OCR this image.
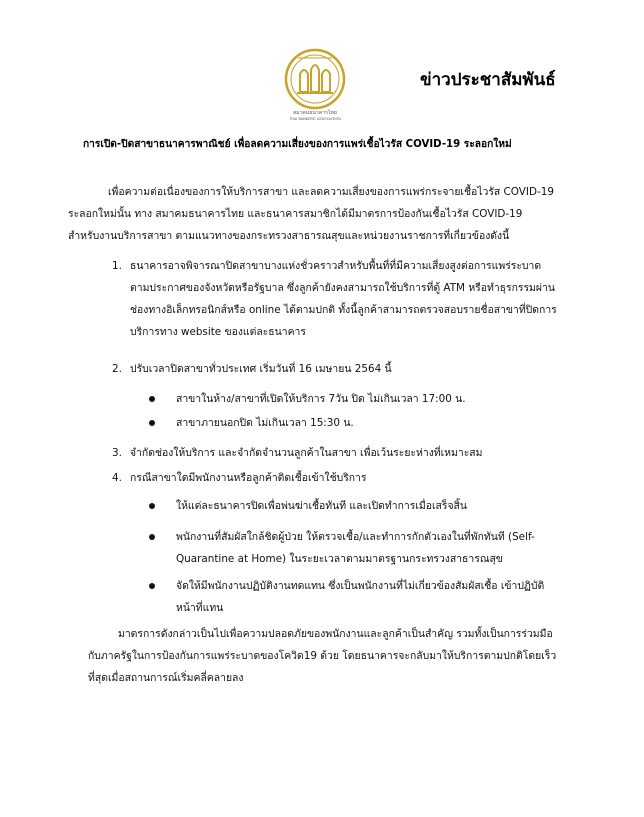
สมาคมธนาคารไทย
THAI BANKERS' ASSOCIATION
ข่าวประชาสัมพันธ์
การเปิด-ปิดสาขาธนาคารพาณิชย์ เพื่อลดความเสี่ยงของการแพร่เชื้อไวรัส COVID-19 ระลอกใหม่
เพื่อความต่อเนื่องของการให้บริการสาขา และลดความเสี่ยงของการแพร่กระจายเชื้อไวรัส COVID-19
ระลอกใหม่นั้น ทาง สมาคมธนาคารไทย และธนาคารสมาชิกได้มีมาตรการป้องกันเชื้อไวรัส COVID-19
สำหรับงานบริการสาขา ตามแนวทางของกระทรวงสาธารณสุขและหน่วยงานราชการที่เกี่ยวข้องดังนี้
1. ธนาคารอาจพิจารณาปิดสาขาบางแห่งชั่วคราวสำหรับพื้นที่ที่มีความเสี่ยงสูงต่อการแพร่ระบาด
ตามประกาศของจังหวัดหรือรัฐบาล ซึ่งลูกค้ายังคงสามารถใช้บริการที่ตู้ ATM หรือทำธุรกรรมผ่าน
ช่องทางอิเล็กทรอนิกส์หรือ online ได้ตามปกติ ทั้งนี้ลูกค้าสามารถตรวจสอบรายชื่อสาขาที่ปิดการ
บริการทาง website ของแต่ละธนาคาร
2. ปรับเวลาปิดสาขาทั่วประเทศ เริ่มวันที่ 16 เมษายน 2564 นี้
สาขาในห้าง/สาขาที่เปิดให้บริการ 7วัน ปิด ไม่เกินเวลา 17:00 น.
สาขาภายนอกปิด ไม่เกินเวลา 15:30 น.
3. จำกัดช่องให้บริการ และจำกัดจำนวนลูกค้าในสาขา เพื่อเว้นระยะห่างที่เหมาะสม
4. กรณีสาขาใดมีพนักงานหรือลูกค้าติดเชื้อเข้าใช้บริการ
ให้แต่ละธนาคารปิดเพื่อพ่นฆ่าเชื้อทันที และเปิดทำการเมื่อเสร็จสิ้น
พนักงานที่สัมผัสใกล้ชิดผู้ป่วย ให้ตรวจเชื้อ/และทำการกักตัวเองในที่พักทันที (Self-
Quarantine at Home) ในระยะเวลาตามมาตรฐานกระทรวงสาธารณสุข
จัดให้มีพนักงานปฏิบัติงานทดแทน ซึ่งเป็นพนักงานที่ไม่เกี่ยวข้องสัมผัสเชื้อ เข้าปฏิบัติ
หน้าที่แทน
มาตรการดังกล่าวเป็นไปเพื่อความปลอดภัยของพนักงานและลูกค้าเป็นสำคัญ รวมทั้งเป็นการร่วมมือ
กับภาครัฐในการป้องกันการแพร่ระบาดของโควิด19 ด้วย โดยธนาคารจะกลับมาให้บริการตามปกติโดยเร็ว
ที่สุดเมื่อสถานการณ์เริ่มคลี่คลายลง
